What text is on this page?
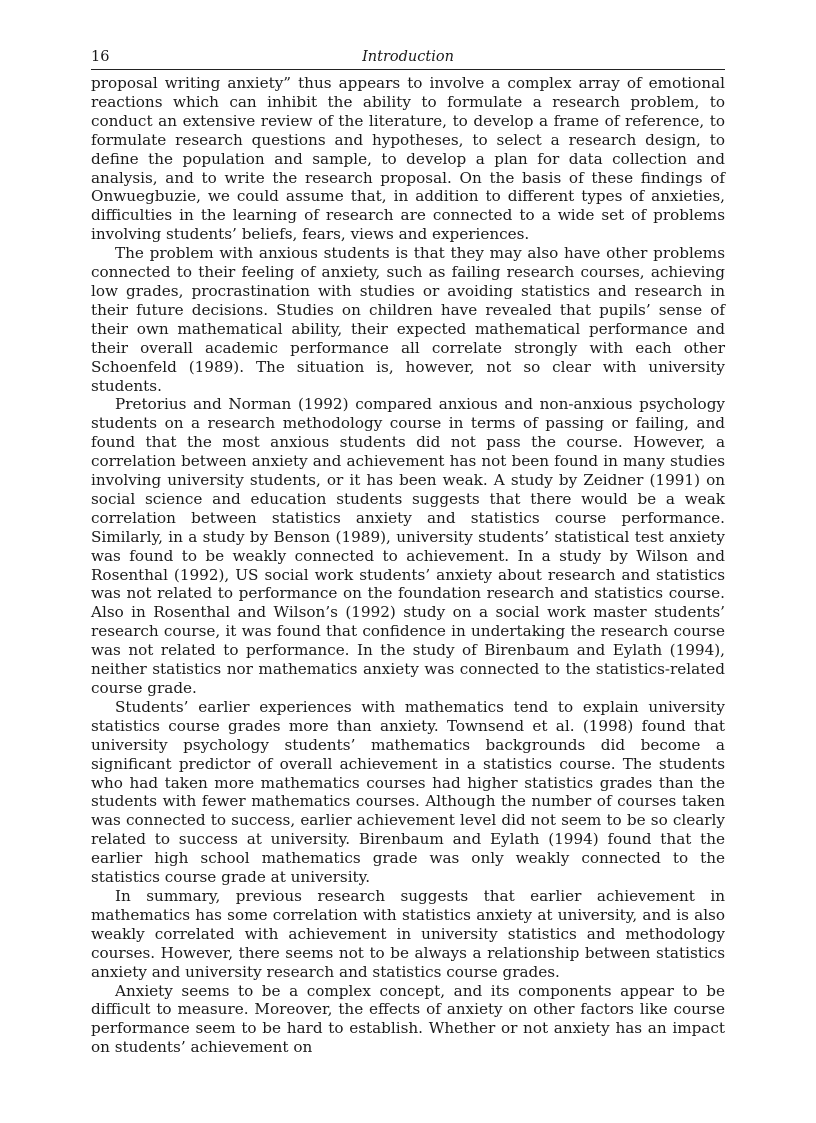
16	Introduction

proposal writing anxiety” thus appears to involve a complex array of emotional reactions which can inhibit the ability to formulate a research problem, to conduct an extensive review of the literature, to develop a frame of reference, to formulate research questions and hypotheses, to select a research design, to define the population and sample, to develop a plan for data collection and analysis, and to write the research proposal. On the basis of these findings of Onwuegbuzie, we could assume that, in addition to different types of anxieties, difficulties in the learning of research are connected to a wide set of problems involving students’ beliefs, fears, views and experiences.

The problem with anxious students is that they may also have other problems connected to their feeling of anxiety, such as failing research courses, achieving low grades, procrastination with studies or avoiding statistics and research in their future decisions. Studies on children have revealed that pupils’ sense of their own mathematical ability, their expected mathematical performance and their overall academic performance all correlate strongly with each other Schoenfeld (1989). The situation is, however, not so clear with university students.

Pretorius and Norman (1992) compared anxious and non-anxious psychology students on a research methodology course in terms of passing or failing, and found that the most anxious students did not pass the course. However, a correlation between anxiety and achievement has not been found in many studies involving university students, or it has been weak. A study by Zeidner (1991) on social science and education students suggests that there would be a weak correlation between statistics anxiety and statistics course performance. Similarly, in a study by Benson (1989), university students’ statistical test anxiety was found to be weakly connected to achievement. In a study by Wilson and Rosenthal (1992), US social work students’ anxiety about research and statistics was not related to performance on the foundation research and statistics course. Also in Rosenthal and Wilson’s (1992) study on a social work master students’ research course, it was found that confidence in undertaking the research course was not related to performance. In the study of Birenbaum and Eylath (1994), neither statistics nor mathematics anxiety was connected to the statistics-related course grade.

Students’ earlier experiences with mathematics tend to explain university statistics course grades more than anxiety. Townsend et al. (1998) found that university psychology students’ mathematics backgrounds did become a significant predictor of overall achievement in a statistics course. The students who had taken more mathematics courses had higher statistics grades than the students with fewer mathematics courses. Although the number of courses taken was connected to success, earlier achievement level did not seem to be so clearly related to success at university. Birenbaum and Eylath (1994) found that the earlier high school mathematics grade was only weakly connected to the statistics course grade at university.

In summary, previous research suggests that earlier achievement in mathematics has some correlation with statistics anxiety at university, and is also weakly correlated with achievement in university statistics and methodology courses. However, there seems not to be always a relationship between statistics anxiety and university research and statistics course grades.

Anxiety seems to be a complex concept, and its components appear to be difficult to measure. Moreover, the effects of anxiety on other factors like course performance seem to be hard to establish. Whether or not anxiety has an impact on students’ achievement on
